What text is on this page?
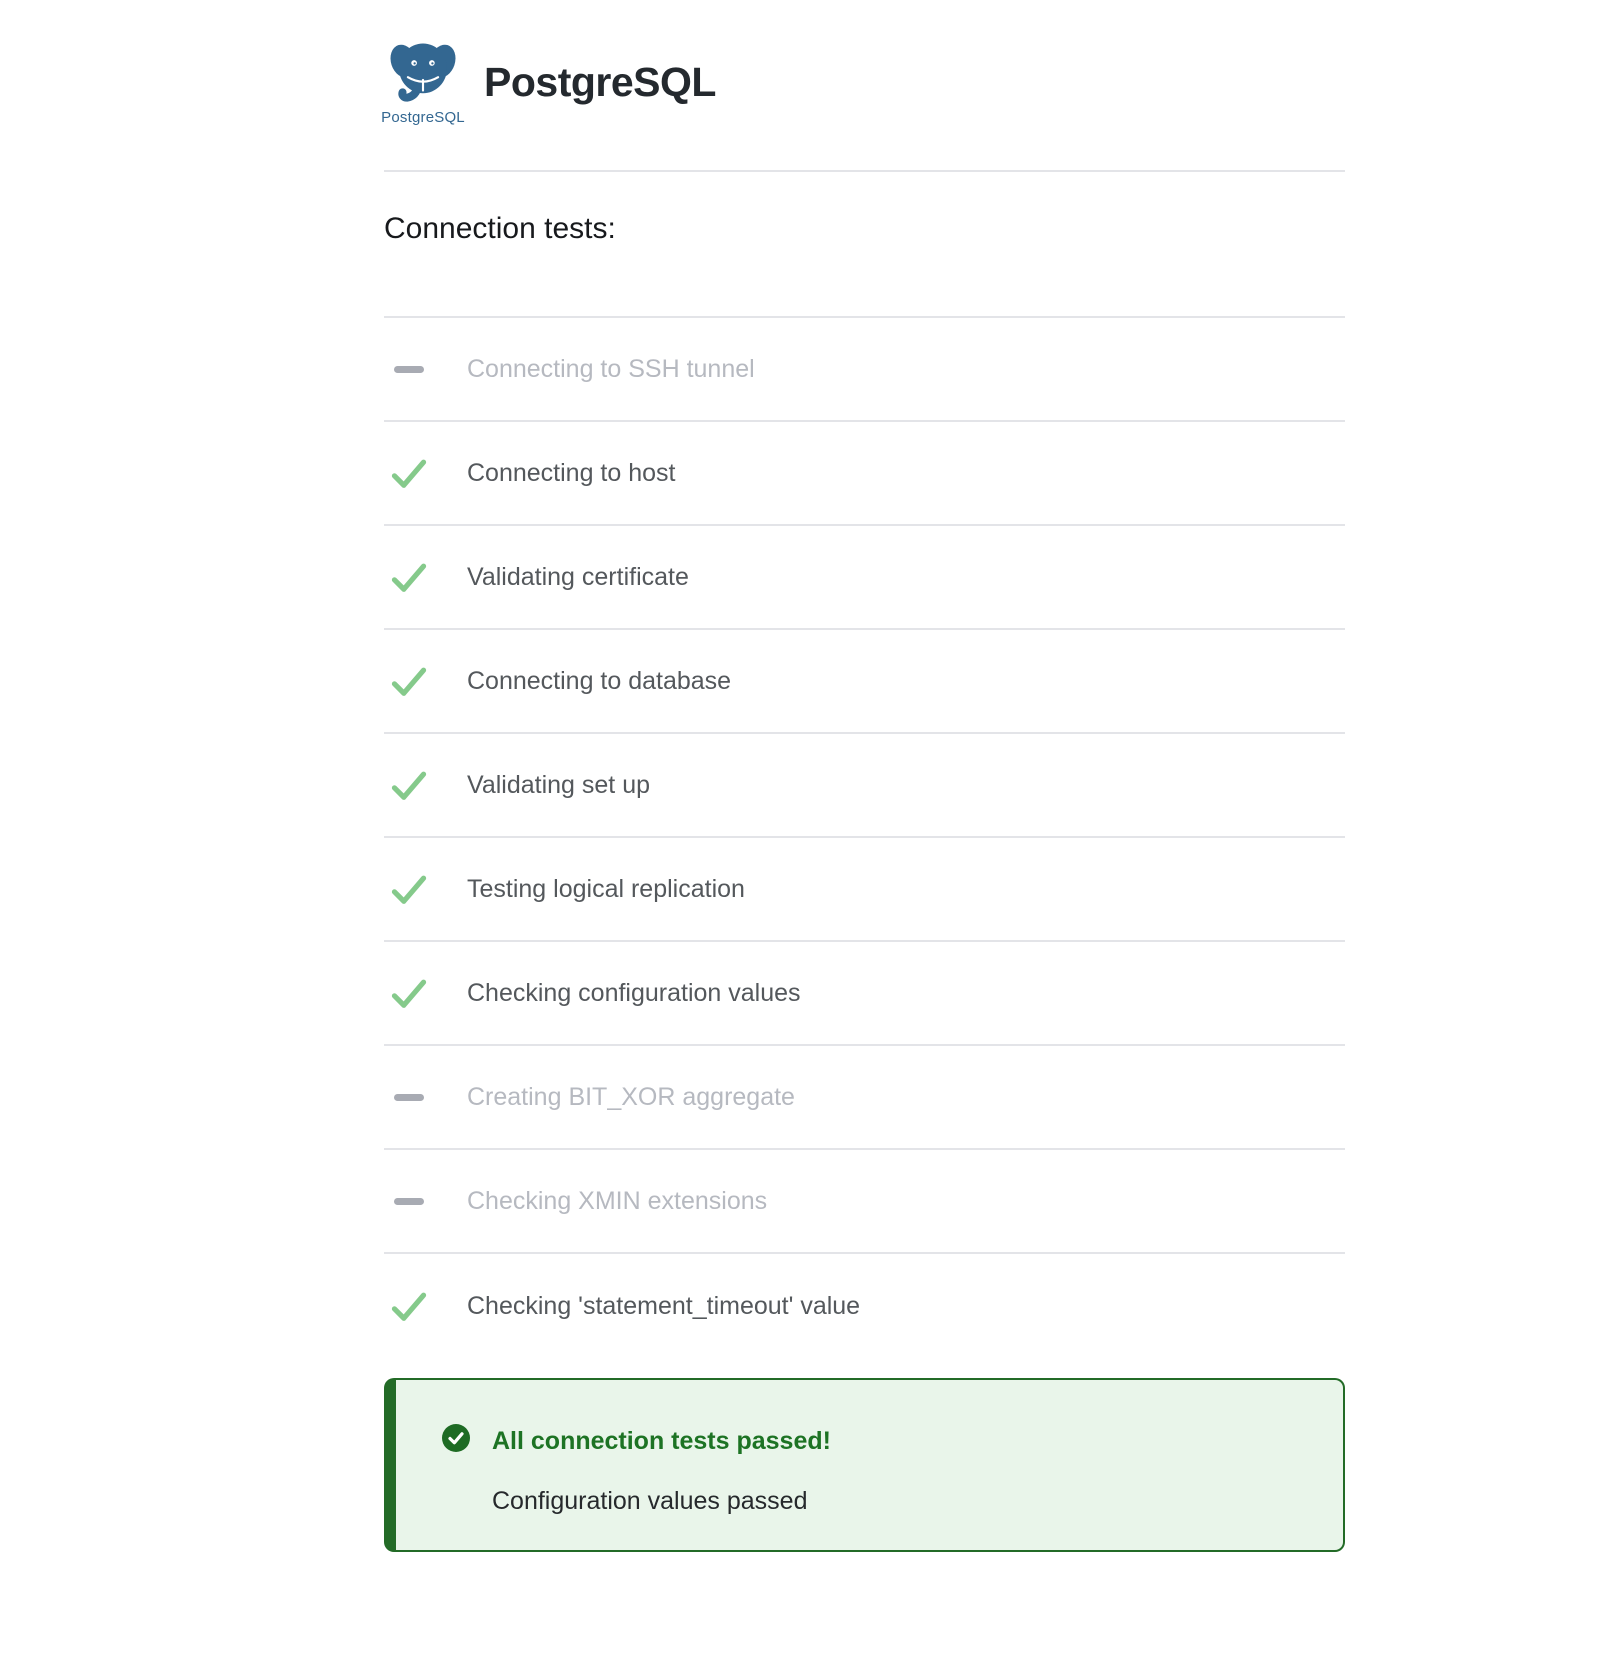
PostgreSQL
PostgreSQL
Connection tests:
Connecting to SSH tunnel
Connecting to host
Validating certificate
Connecting to database
Validating set up
Testing logical replication
Checking configuration values
Creating BIT_XOR aggregate
Checking XMIN extensions
Checking 'statement_timeout' value
All connection tests passed!
Configuration values passed
